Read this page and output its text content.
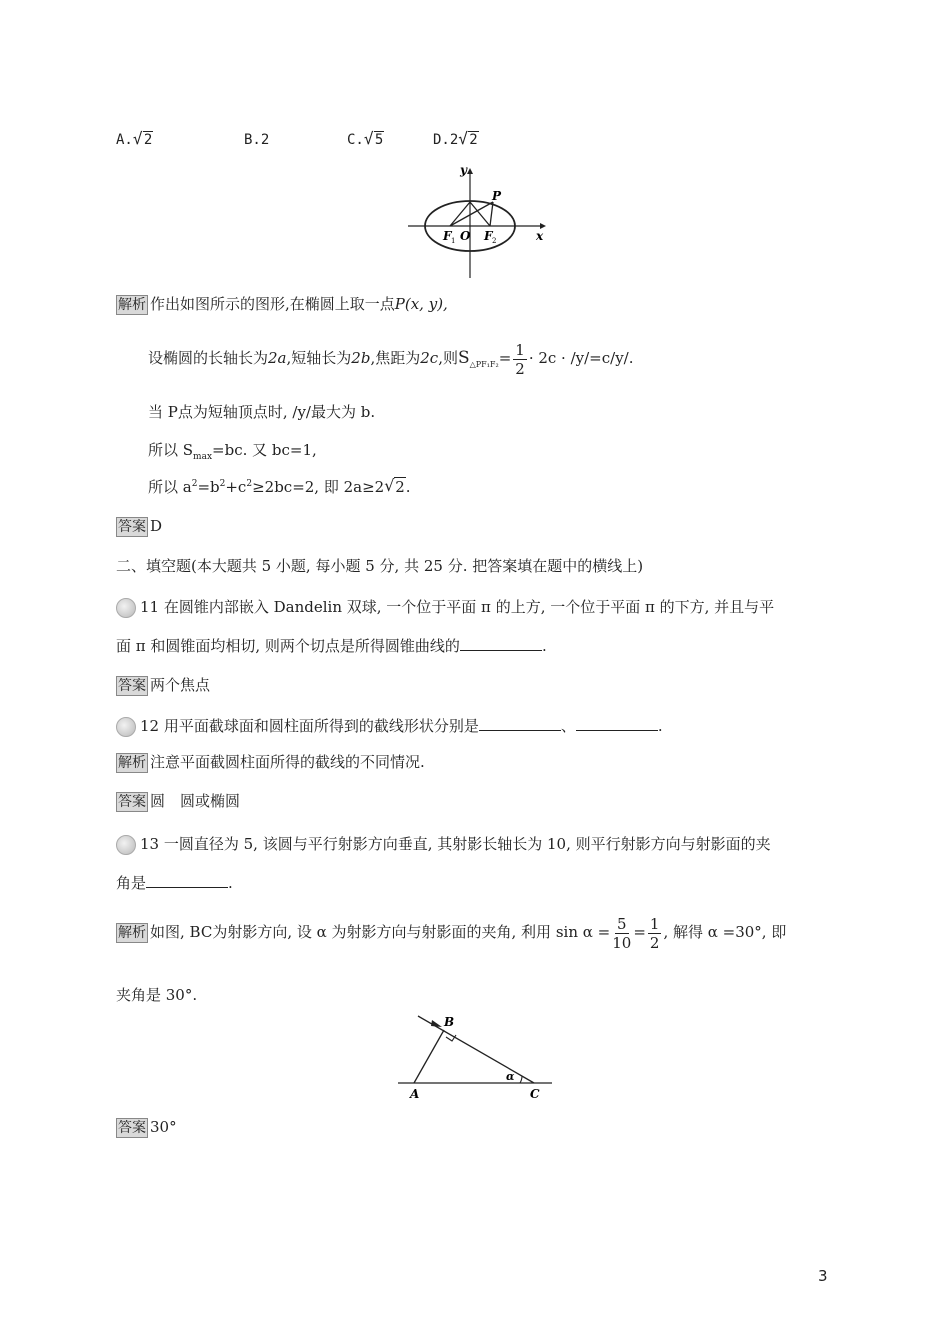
A. √ 2	B.2	C. √ 5	D.2 √ 2
y
x
P
O
F 1 F 2
解析 作出如图所示的图形,在椭圆上取一点P(x, y),
设椭圆的长轴长为2a,短轴长为2b,焦距为2c,则$S_{\triangle PF_1F_2}= \frac{1}{2} \cdot 2c \cdot /y/=c/y/$.
当 P点为短轴顶点时, /y/最大为 b.
所以 $S_{max}=bc$. 又 bc=1,
所以 $a^2=b^2+c^2\ge 2bc=2$, 即 2a≥2 √ 2.
答案 D
二、填空题(本大题共 5 小题, 每小题 5 分, 共 25 分. 把答案填在题中的横线上)
11 在圆锥内部嵌入 Dandelin 双球, 一个位于平面 π 的上方, 一个位于平面 π 的下方, 并且与平
面 π 和圆锥面均相切, 则两个切点是所得圆锥曲线的	.
答案 两个焦点
12 用平面截球面和圆柱面所得到的截线形状分别是	、	.
解析 注意平面截圆柱面所得的截线的不同情况.
答案 圆　圆或椭圆
13 一圆直径为 5, 该圆与平行射影方向垂直, 其射影长轴长为 10, 则平行射影方向与射影面的夹
角是	.
解析 如图, BC为射影方向, 设 α 为射影方向与射影面的夹角, 利用 $\sin \alpha = \frac{5}{10} = \frac{1}{2}$ , 解得 α =30°, 即
夹角是 30°.
B
A	C
α
答案 30°
3
